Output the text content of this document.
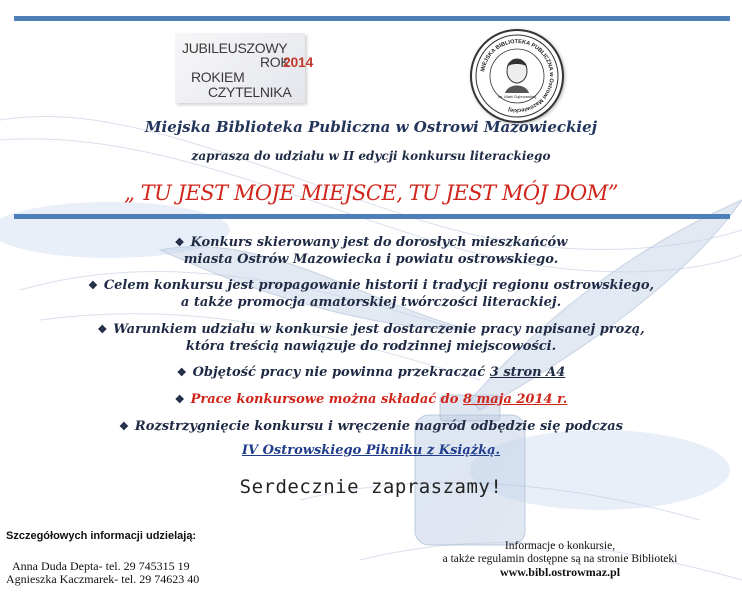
JUBILEUSZOWY
ROK
2014
ROKIEM
CZYTELNIKA
MIEJSKA BIBLIOTEKA PUBLICZNA w Ostrowi Mazowieckiej
im. Marii Dąbrowskiej
Miejska Biblioteka Publiczna w Ostrowi Mazowieckiej
zaprasza do udziału w II edycji konkursu literackiego
„ TU JEST MOJE MIEJSCE, TU JEST MÓJ DOM”
❖ Konkurs skierowany jest do dorosłych mieszkańców
miasta Ostrów Mazowiecka i powiatu ostrowskiego.
❖ Celem konkursu jest propagowanie historii i tradycji regionu ostrowskiego,
a także promocja amatorskiej twórczości literackiej.
❖ Warunkiem udziału w konkursie jest dostarczenie pracy napisanej prozą,
która treścią nawiązuje do rodzinnej miejscowości.
❖ Objętość pracy nie powinna przekraczać 3 stron A4
❖ Prace konkursowe można składać do 8 maja 2014 r.
❖ Rozstrzygnięcie konkursu i wręczenie nagród odbędzie się podczas
IV Ostrowskiego Pikniku z Książką.
Serdecznie zapraszamy!
Szczegółowych informacji udzielają:
Anna Duda Depta- tel. 29 745315 19
Agnieszka Kaczmarek- tel. 29 74623 40
Informacje o konkursie,
a także regulamin dostępne są na stronie Biblioteki
www.bibl.ostrowmaz.pl
